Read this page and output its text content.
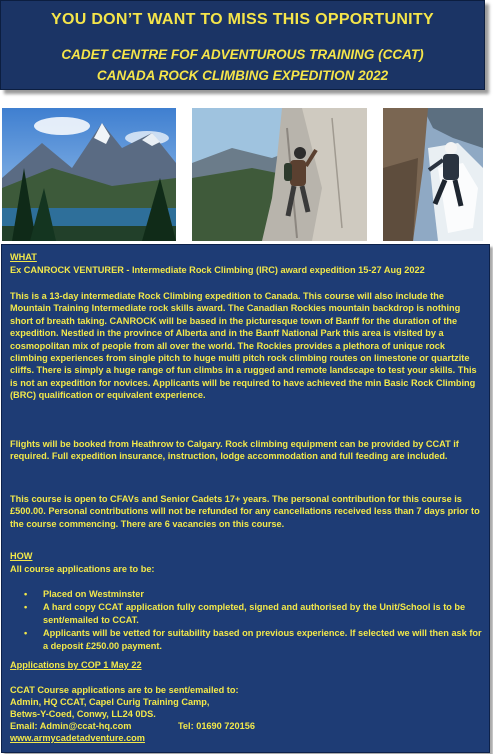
YOU DON’T WANT TO MISS THIS OPPORTUNITY
CADET CENTRE FOF ADVENTUROUS TRAINING (CCAT)
CANADA ROCK CLIMBING EXPEDITION 2022
WHAT
Ex CANROCK VENTURER - Intermediate Rock Climbing (IRC) award expedition 15-27 Aug 2022
This is a 13-day intermediate Rock Climbing expedition to Canada. This course will also include the Mountain Training Intermediate rock skills award. The Canadian Rockies mountain backdrop is nothing short of breath taking. CANROCK will be based in the picturesque town of Banff for the duration of the expedition. Nestled in the province of Alberta and in the Banff National Park this area is visited by a cosmopolitan mix of people from all over the world. The Rockies provides a plethora of unique rock climbing experiences from single pitch to huge multi pitch rock climbing routes on limestone or quartzite cliffs. There is simply a huge range of fun climbs in a rugged and remote landscape to test your skills. This is not an expedition for novices. Applicants will be required to have achieved the min Basic Rock Climbing (BRC) qualification or equivalent experience.
Flights will be booked from Heathrow to Calgary. Rock climbing equipment can be provided by CCAT if required. Full expedition insurance, instruction, lodge accommodation and full feeding are included.
This course is open to CFAVs and Senior Cadets 17+ years. The personal contribution for this course is £500.00. Personal contributions will not be refunded for any cancellations received less than 7 days prior to the course commencing. There are 6 vacancies on this course.
HOW
All course applications are to be:
• Placed on Westminster
• A hard copy CCAT application fully completed, signed and authorised by the Unit/School is to be sent/emailed to CCAT.
• Applicants will be vetted for suitability based on previous experience. If selected we will then ask for a deposit £250.00 payment.
Applications by COP 1 May 22
CCAT Course applications are to be sent/emailed to:
Admin, HQ CCAT, Capel Curig Training Camp,
Betws-Y-Coed, Conwy, LL24 0DS.
Email: Admin@ccat-hq.com	Tel: 01690 720156
www.armycadetadventure.com
